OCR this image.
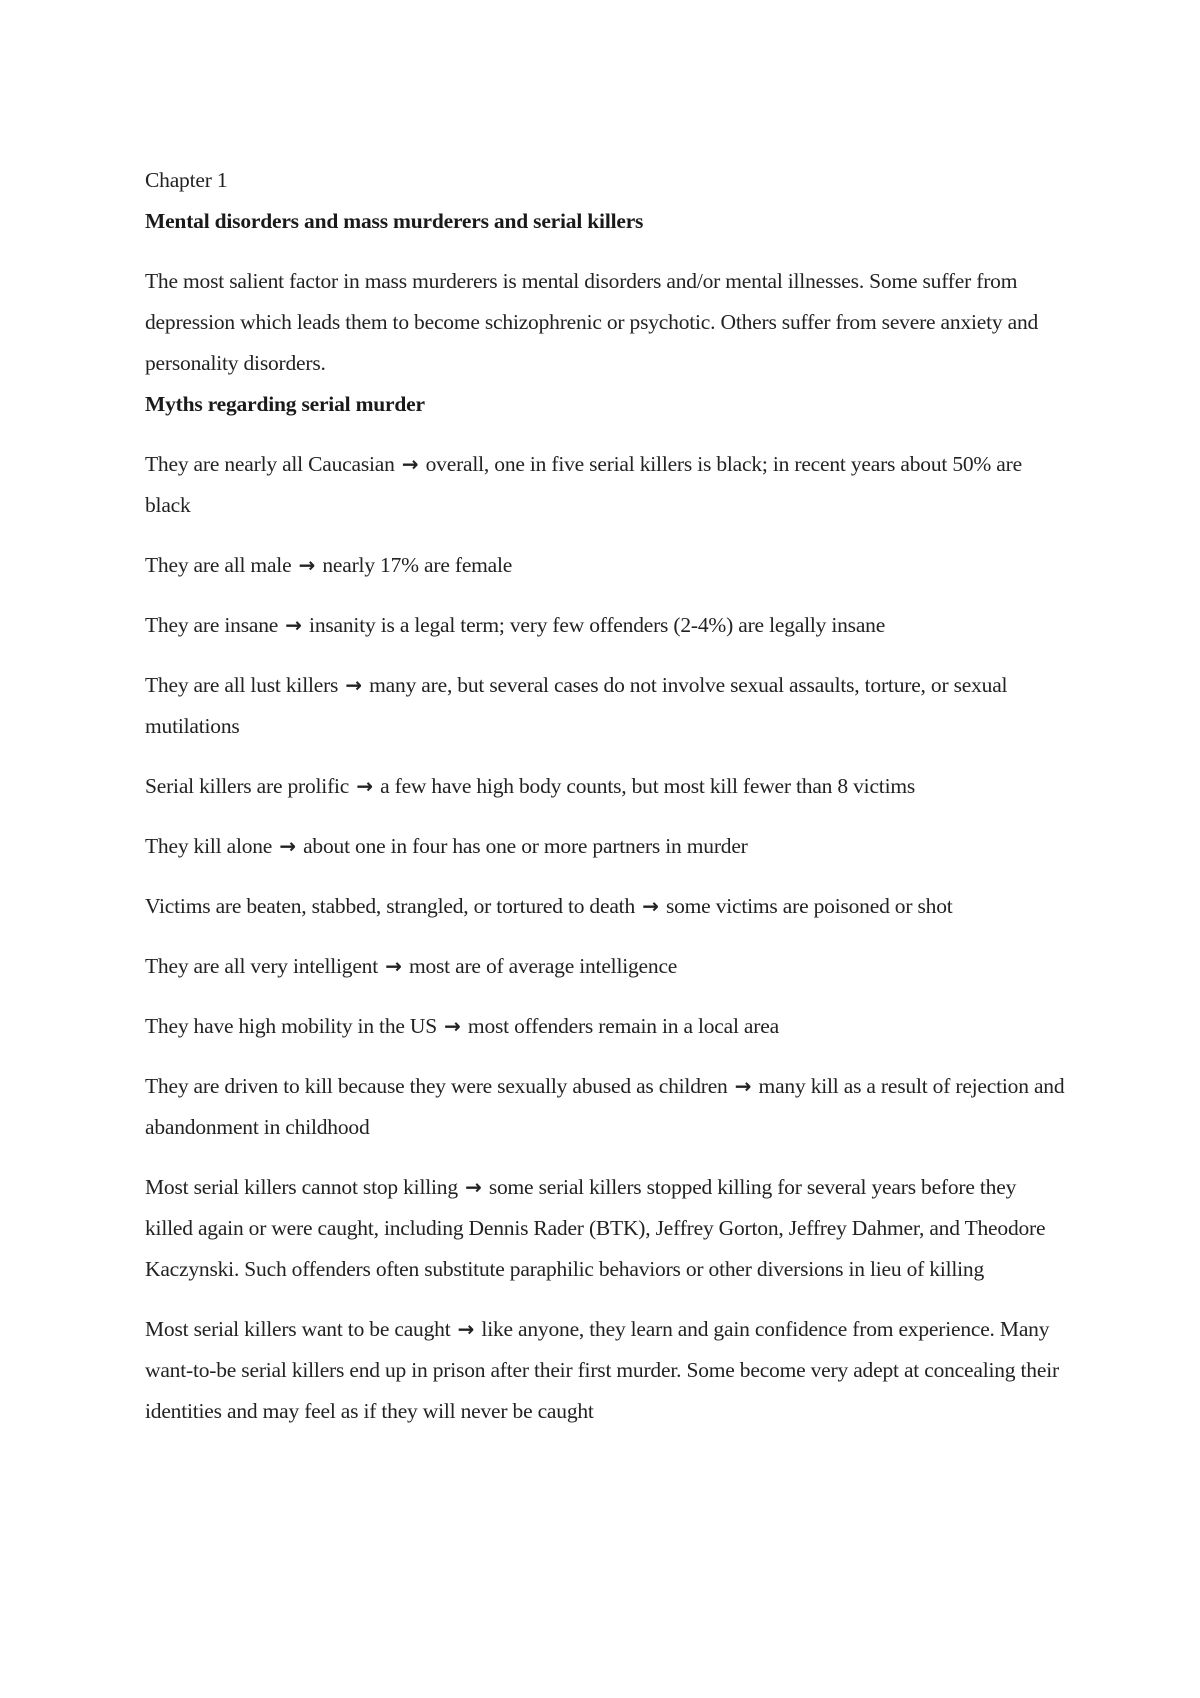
Chapter 1

Mental disorders and mass murderers and serial killers

The most salient factor in mass murderers is mental disorders and/or mental illnesses. Some suffer from depression which leads them to become schizophrenic or psychotic. Others suffer from severe anxiety and personality disorders.

Myths regarding serial murder

They are nearly all Caucasian → overall, one in five serial killers is black; in recent years about 50% are black

They are all male → nearly 17% are female

They are insane → insanity is a legal term; very few offenders (2-4%) are legally insane

They are all lust killers → many are, but several cases do not involve sexual assaults, torture, or sexual mutilations

Serial killers are prolific → a few have high body counts, but most kill fewer than 8 victims

They kill alone → about one in four has one or more partners in murder

Victims are beaten, stabbed, strangled, or tortured to death → some victims are poisoned or shot

They are all very intelligent → most are of average intelligence

They have high mobility in the US → most offenders remain in a local area

They are driven to kill because they were sexually abused as children → many kill as a result of rejection and abandonment in childhood

Most serial killers cannot stop killing → some serial killers stopped killing for several years before they killed again or were caught, including Dennis Rader (BTK), Jeffrey Gorton, Jeffrey Dahmer, and Theodore Kaczynski. Such offenders often substitute paraphilic behaviors or other diversions in lieu of killing

Most serial killers want to be caught → like anyone, they learn and gain confidence from experience. Many want-to-be serial killers end up in prison after their first murder. Some become very adept at concealing their identities and may feel as if they will never be caught
